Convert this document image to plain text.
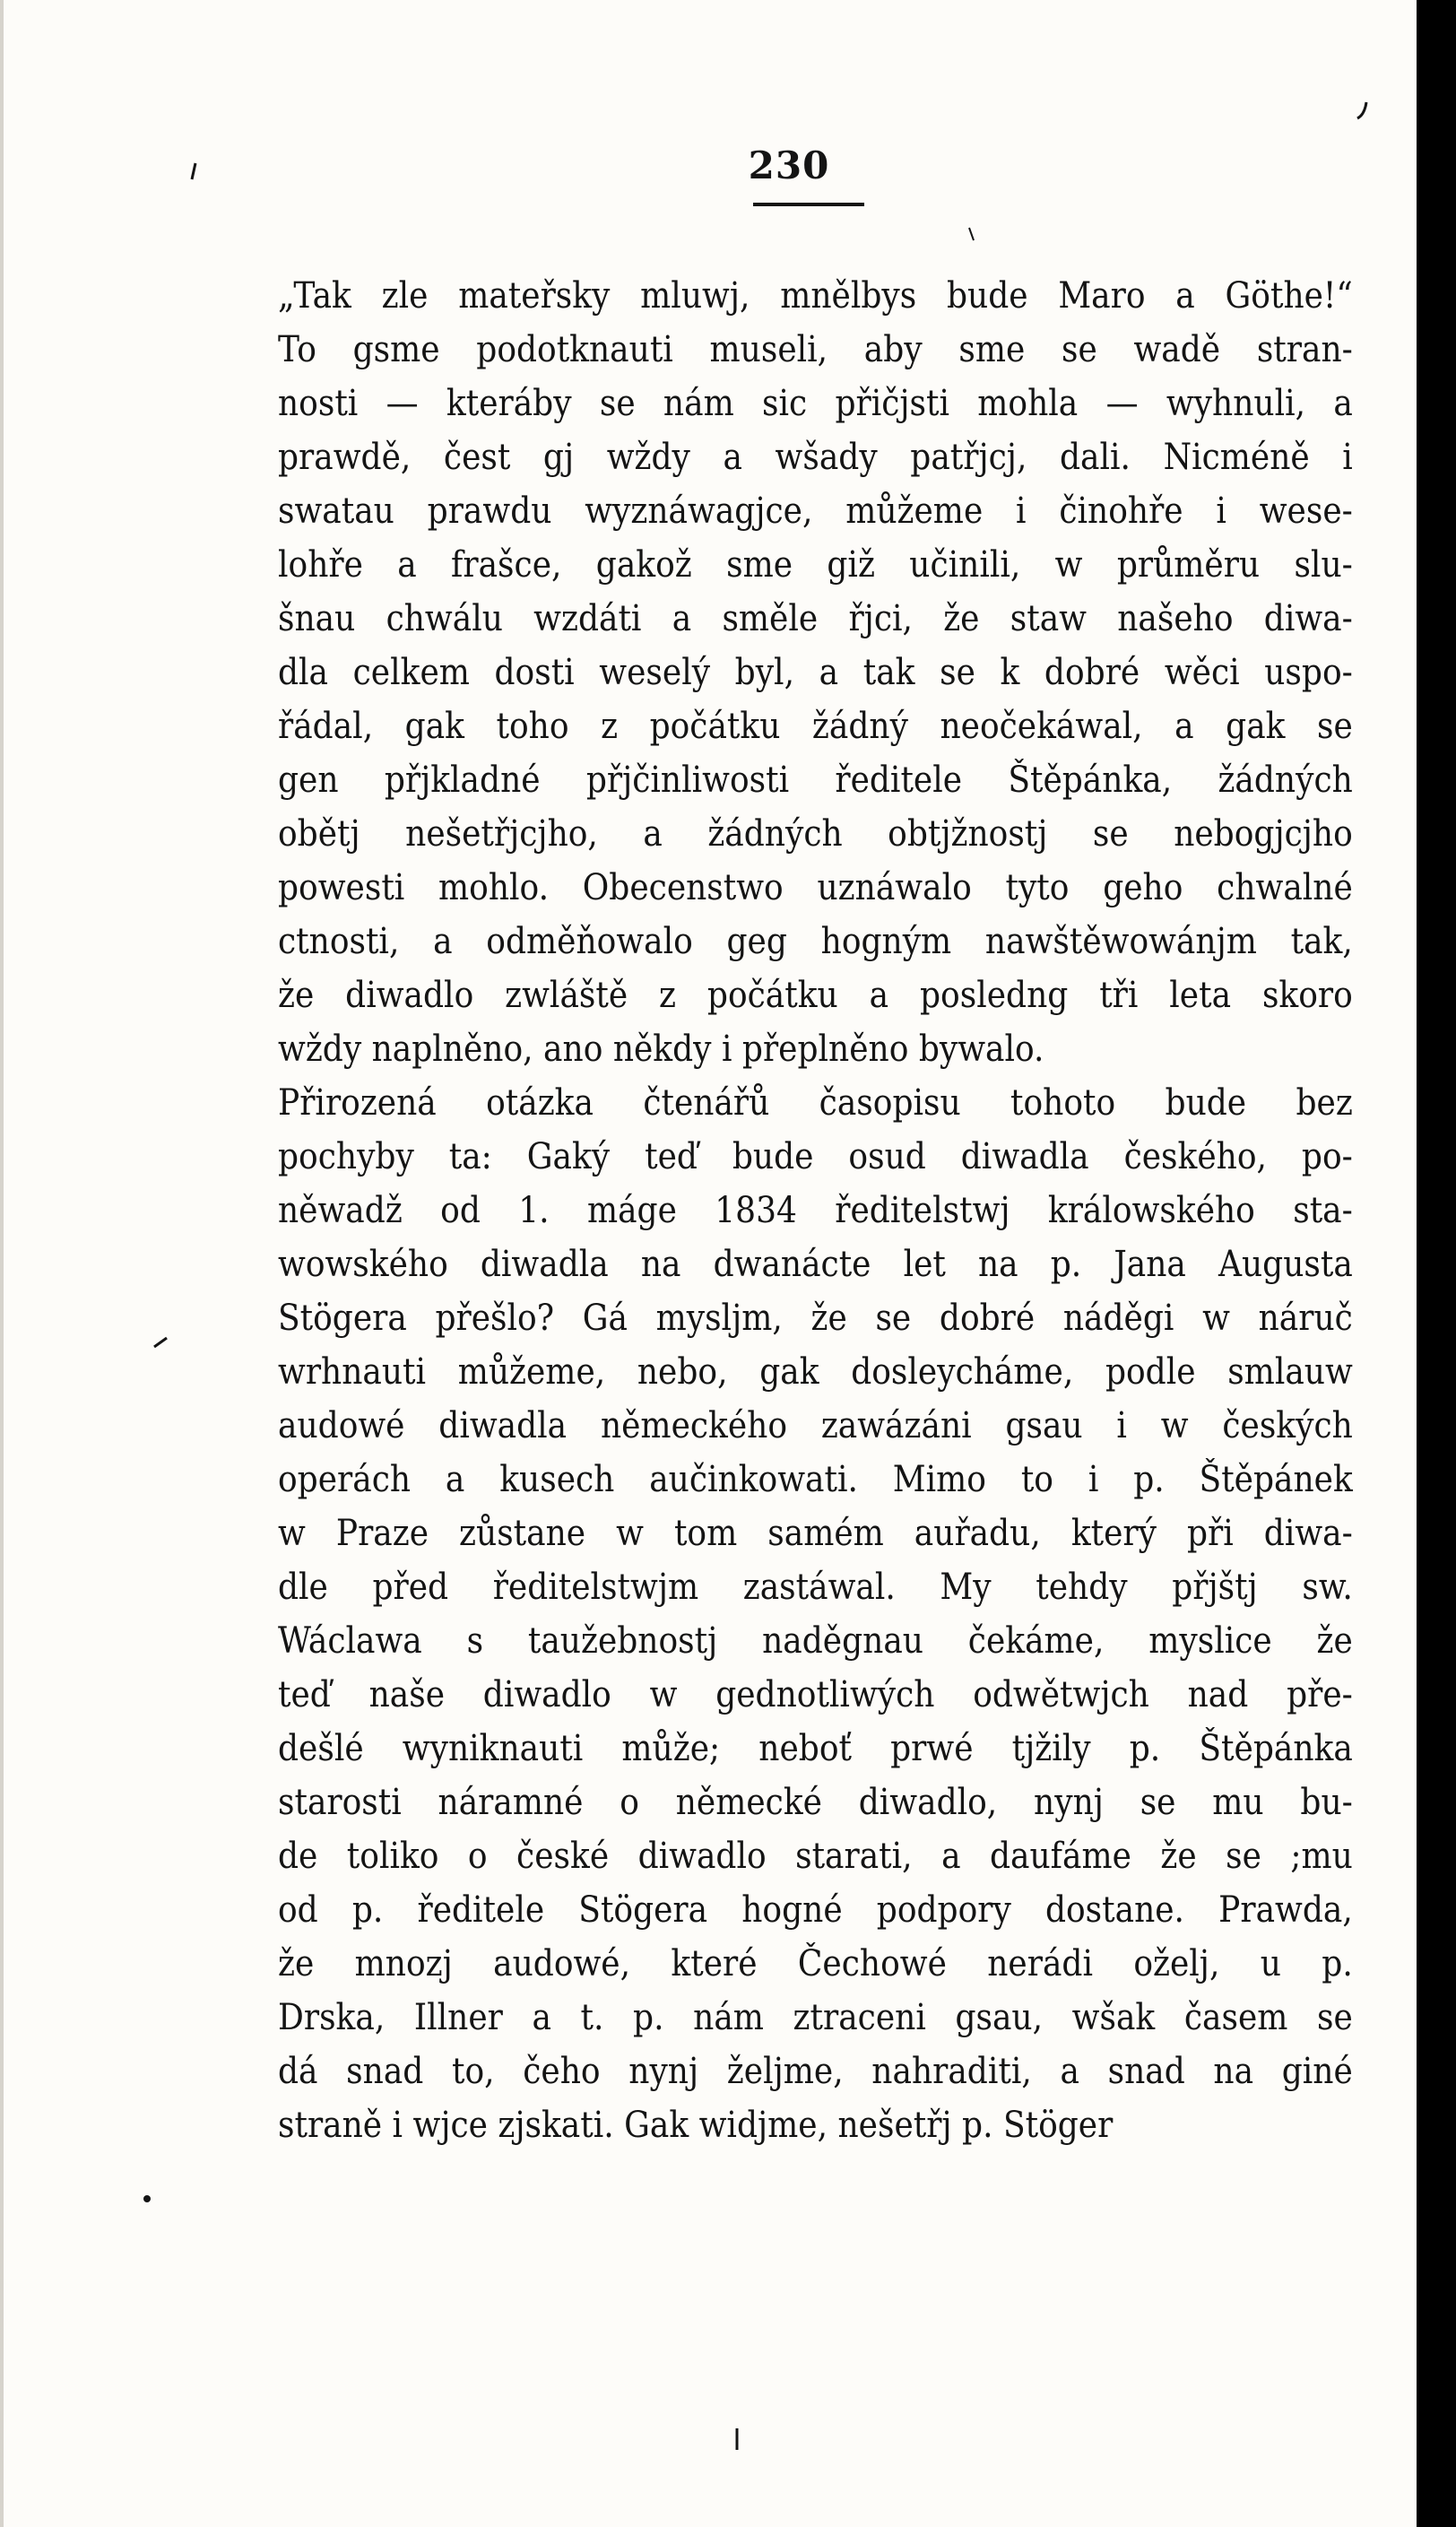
230
„Tak zle mateřsky mluwj, mnělbys bude Maro a Göthe!“
To gsme podotknauti museli, aby sme se wadě stran-
nosti — kteráby se nám sic přičjsti mohla — wyhnuli, a
prawdě, čest gj wždy a wšady patřjcj, dali. Nicméně i
swatau prawdu wyznáwagjce, můžeme i činohře i wese-
lohře a frašce, gakož sme giž učinili, w průměru slu-
šnau chwálu wzdáti a směle řjci, že staw našeho diwa-
dla celkem dosti weselý byl, a tak se k dobré wěci uspo-
řádal, gak toho z počátku žádný neočekáwal, a gak se
gen přjkladné přjčinliwosti ředitele Štěpánka, žádných
obětj nešetřjcjho, a žádných obtjžnostj se nebogjcjho
powesti mohlo. Obecenstwo uznáwalo tyto geho chwalné
ctnosti, a odměňowalo geg hogným nawštěwowánjm tak,
že diwadlo zwláště z počátku a posledng tři leta skoro
wždy naplněno, ano někdy i přeplněno bywalo.
Přirozená otázka čtenářů časopisu tohoto bude bez
pochyby ta: Gaký teď bude osud diwadla českého, po-
něwadž od 1. máge 1834 ředitelstwj králowského sta-
wowského diwadla na dwanácte let na p. Jana Augusta
Stögera přešlo? Gá mysljm, že se dobré náděgi w náruč
wrhnauti můžeme, nebo, gak dosleycháme, podle smlauw
audowé diwadla německého zawázáni gsau i w českých
operách a kusech aučinkowati. Mimo to i p. Štěpánek
w Praze zůstane w tom samém auřadu, který při diwa-
dle před ředitelstwjm zastáwal. My tehdy přjštj sw.
Wáclawa s taužebnostj naděgnau čekáme, myslice že
teď naše diwadlo w gednotliwých odwětwjch nad pře-
dešlé wyniknauti může; neboť prwé tjžily p. Štěpánka
starosti náramné o německé diwadlo, nynj se mu bu-
de toliko o české diwadlo starati, a daufáme že se ;mu
od p. ředitele Stögera hogné podpory dostane. Prawda,
že mnozj audowé, které Čechowé nerádi oželj, u p.
Drska, Illner a t. p. nám ztraceni gsau, wšak časem se
dá snad to, čeho nynj željme, nahraditi, a snad na giné
straně i wjce zjskati. Gak widjme, nešetřj p. Stöger
